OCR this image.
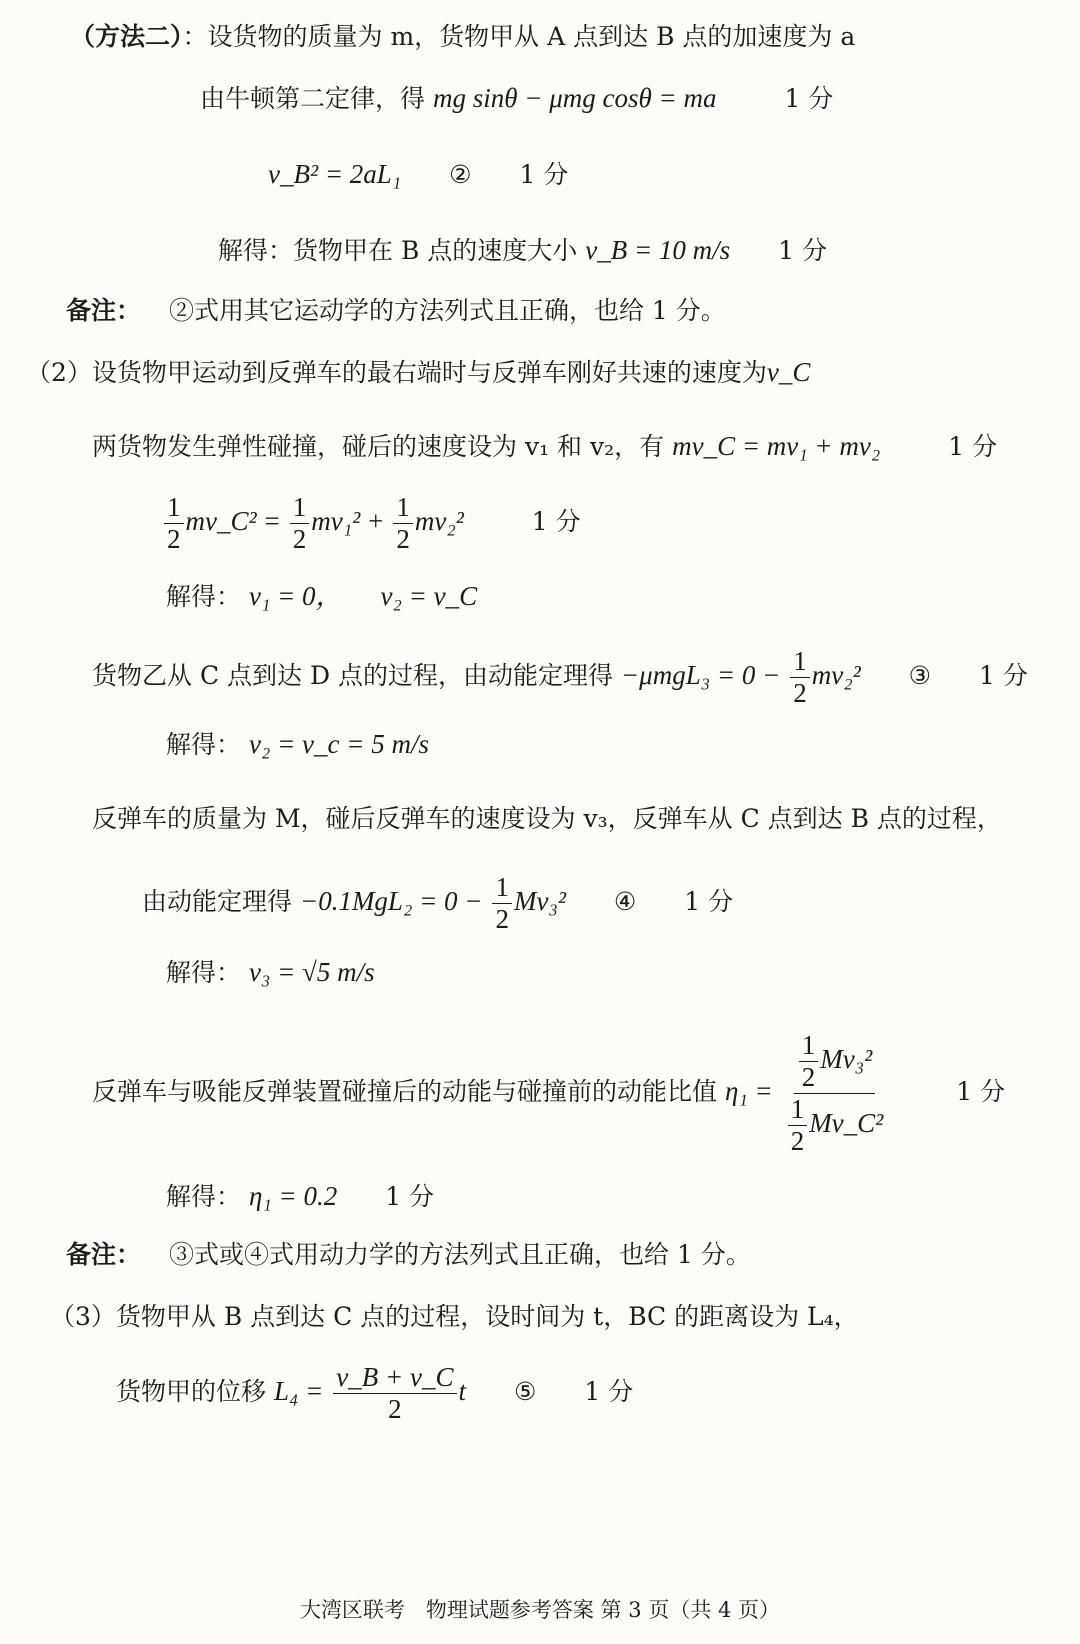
（方法二）：设货物的质量为 m，货物甲从 A 点到达 B 点的加速度为 a
由牛顿第二定律，得 mg sinθ − μmg cosθ = ma	1 分
v_B² = 2aL₁ ② 1 分
解得：货物甲在 B 点的速度大小 v_B = 10 m/s 1 分
备注： ②式用其它运动学的方法列式且正确，也给 1 分。
（2）设货物甲运动到反弹车的最右端时与反弹车刚好共速的速度为v_C
两货物发生弹性碰撞，碰后的速度设为 v₁ 和 v₂，有 mv_C = mv₁ + mv₂	1 分
$\frac{1}{2}$ mv_C² = $\frac{1}{2} mv_1^2 + \frac{1}{2} mv_2^2$	1 分
解得： v₁ = 0， v₂ = v_C
货物乙从 C 点到达 D 点的过程，由动能定理得 $-\mu mgL_3 = 0 - \frac{1}{2} mv_2^2$ ③ 1 分
解得： v₂ = v_c = 5 m/s
反弹车的质量为 M，碰后反弹车的速度设为 v₃，反弹车从 C 点到达 B 点的过程，
由动能定理得 $-0.1MgL_2 = 0 - \frac{1}{2} Mv_3^2$ ④ 1 分
解得： v₃ = √5 m/s
反弹车与吸能反弹装置碰撞后的动能与碰撞前的动能比值 $\eta_1 = \frac{\frac{1}{2} Mv_3^2}{\frac{1}{2} Mv\_C^2}$	1 分
解得： η₁ = 0.2 1 分
备注： ③式或④式用动力学的方法列式且正确，也给 1 分。
（3）货物甲从 B 点到达 C 点的过程，设时间为 t，BC 的距离设为 L₄，
货物甲的位移 $L_4 = \frac{v\_B + v\_C}{2}$ t ⑤ 1 分
大湾区联考　物理试题参考答案 第 3 页（共 4 页）
